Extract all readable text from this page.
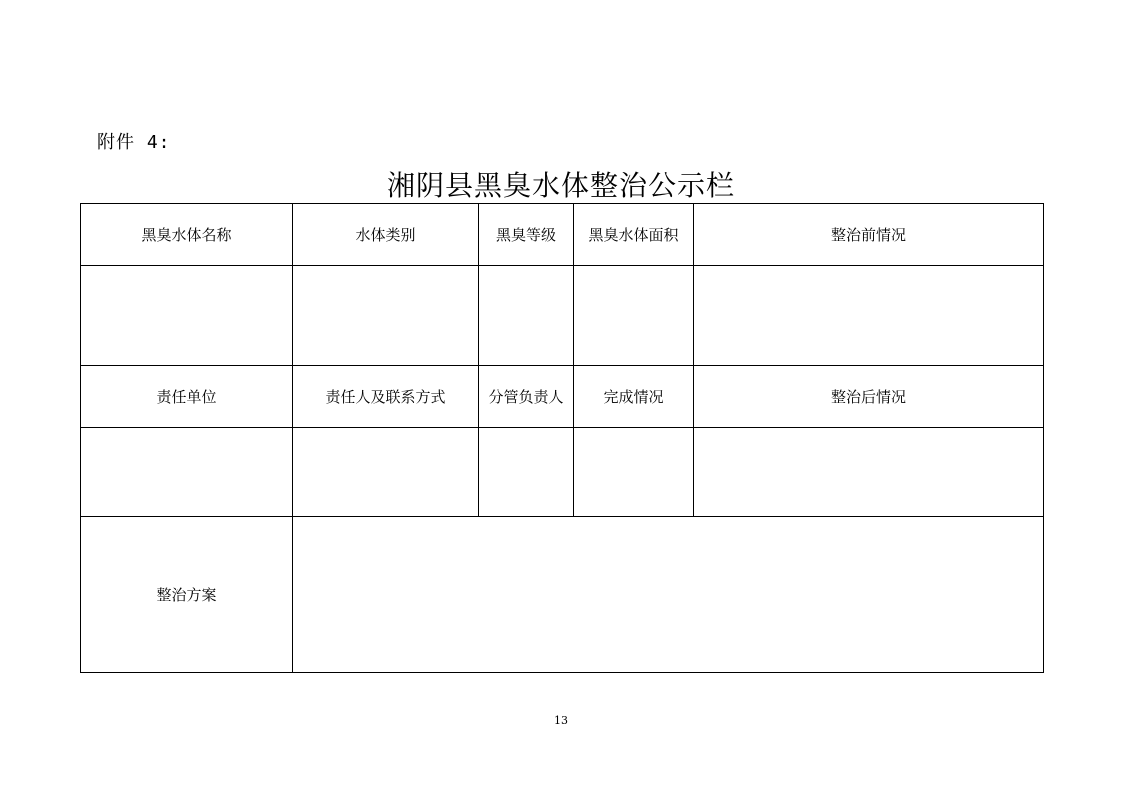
附件 4:
湘阴县黑臭水体整治公示栏
黑臭水体名称	水体类别	黑臭等级	黑臭水体面积	整治前情况

责任单位	责任人及联系方式	分管负责人	完成情况	整治后情况

整治方案				
13
